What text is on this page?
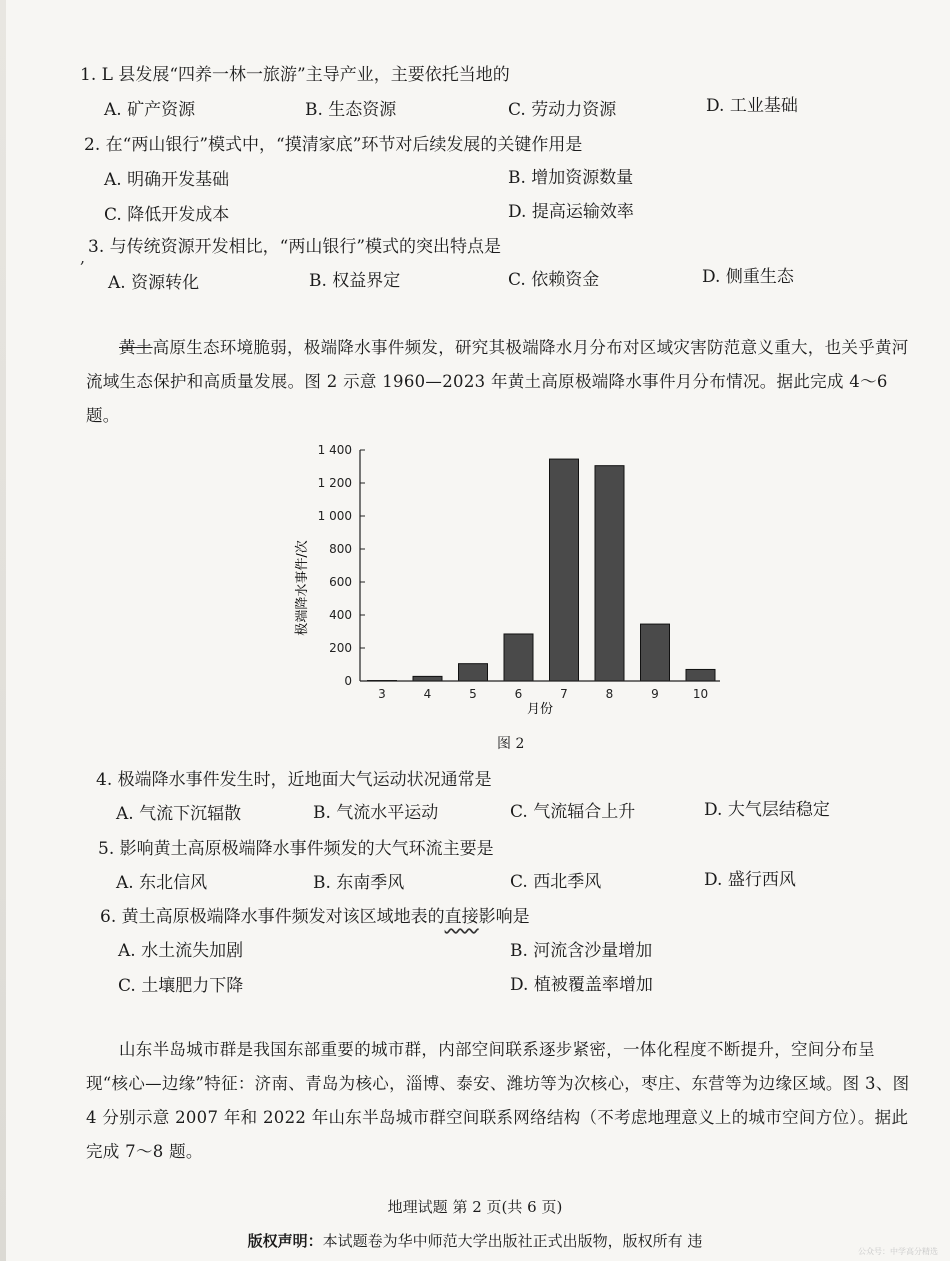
1. L 县发展“四养一林一旅游”主导产业，主要依托当地的
A. 矿产资源	B. 生态资源	C. 劳动力资源	D. 工业基础
2. 在“两山银行”模式中，“摸清家底”环节对后续发展的关键作用是
A. 明确开发基础	B. 增加资源数量
C. 降低开发成本	D. 提高运输效率
3. 与传统资源开发相比，“两山银行”模式的突出特点是
A. 资源转化	B. 权益界定	C. 依赖资金	D. 侧重生态
,
黄土高原生态环境脆弱，极端降水事件频发，研究其极端降水月分布对区域灾害防范意义重大，也关乎黄河流域生态保护和高质量发展。图 2 示意 1960—2023 年黄土高原极端降水事件月分布情况。据此完成 4～6 题。
0
200
400
600
800
1 000
1 200
1 400
3	4	5	6	7	8	9	10
极端降水事件/次
月份
图 2
4. 极端降水事件发生时，近地面大气运动状况通常是
A. 气流下沉辐散	B. 气流水平运动	C. 气流辐合上升	D. 大气层结稳定
5. 影响黄土高原极端降水事件频发的大气环流主要是
A. 东北信风	B. 东南季风	C. 西北季风	D. 盛行西风
6. 黄土高原极端降水事件频发对该区域地表的直接影响是
A. 水土流失加剧	B. 河流含沙量增加
C. 土壤肥力下降	D. 植被覆盖率增加
山东半岛城市群是我国东部重要的城市群，内部空间联系逐步紧密，一体化程度不断提升，空间分布呈现“核心—边缘”特征：济南、青岛为核心，淄博、泰安、潍坊等为次核心，枣庄、东营等为边缘区域。图 3、图 4 分别示意 2007 年和 2022 年山东半岛城市群空间联系网络结构（不考虑地理意义上的城市空间方位）。据此完成 7～8 题。
地理试题 第 2 页(共 6 页)
版权声明：本试题卷为华中师范大学出版社正式出版物，版权所有 违
公众号：中学高分精选
